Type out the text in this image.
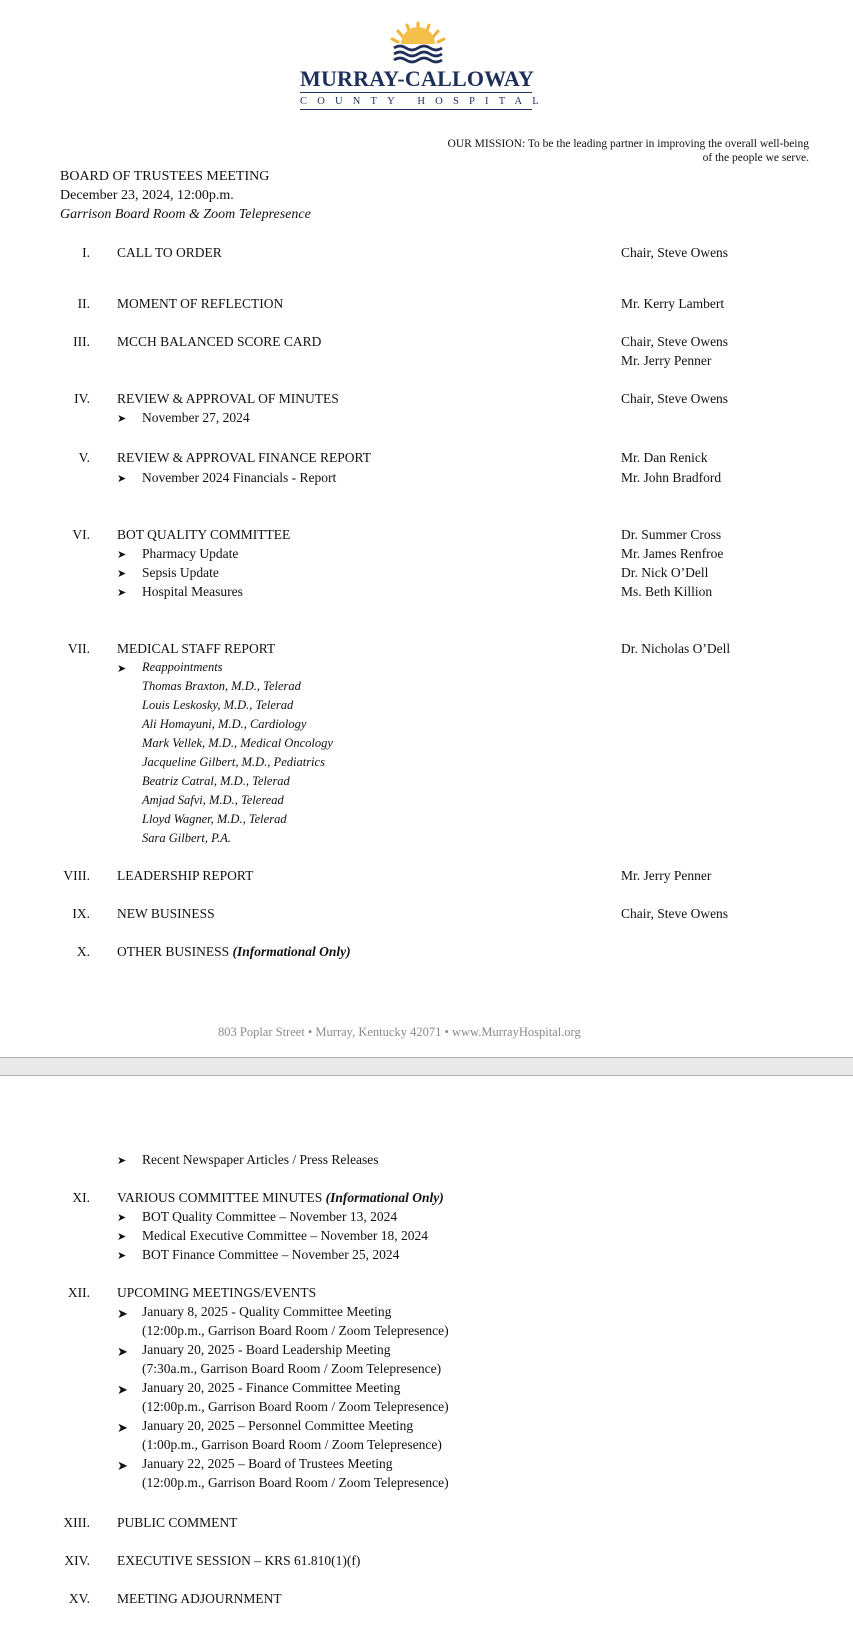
MURRAY-CALLOWAY
COUNTY HOSPITAL
OUR MISSION: To be the leading partner in improving the overall well-being
of the people we serve.
BOARD OF TRUSTEES MEETING
December 23, 2024, 12:00p.m.
Garrison Board Room & Zoom Telepresence
I. CALL TO ORDER	Chair, Steve Owens
II. MOMENT OF REFLECTION	Mr. Kerry Lambert
III. MCCH BALANCED SCORE CARD	Chair, Steve Owens
Mr. Jerry Penner
IV. REVIEW & APPROVAL OF MINUTES	Chair, Steve Owens
➤ November 27, 2024
V. REVIEW & APPROVAL FINANCE REPORT	Mr. Dan Renick
➤ November 2024 Financials - Report	Mr. John Bradford
VI. BOT QUALITY COMMITTEE	Dr. Summer Cross
➤ Pharmacy Update	Mr. James Renfroe
➤ Sepsis Update	Dr. Nick O’Dell
➤ Hospital Measures	Ms. Beth Killion
VII. MEDICAL STAFF REPORT	Dr. Nicholas O’Dell
➤ Reappointments
Thomas Braxton, M.D., Telerad
Louis Leskosky, M.D., Telerad
Ali Homayuni, M.D., Cardiology
Mark Vellek, M.D., Medical Oncology
Jacqueline Gilbert, M.D., Pediatrics
Beatriz Catral, M.D., Telerad
Amjad Safvi, M.D., Teleread
Lloyd Wagner, M.D., Telerad
Sara Gilbert, P.A.
VIII. LEADERSHIP REPORT	Mr. Jerry Penner
IX. NEW BUSINESS	Chair, Steve Owens
X. OTHER BUSINESS (Informational Only)
803 Poplar Street • Murray, Kentucky 42071 • www.MurrayHospital.org
➤ Recent Newspaper Articles / Press Releases
XI. VARIOUS COMMITTEE MINUTES (Informational Only)
➤ BOT Quality Committee – November 13, 2024
➤ Medical Executive Committee – November 18, 2024
➤ BOT Finance Committee – November 25, 2024
XII. UPCOMING MEETINGS/EVENTS
➤ January 8, 2025 - Quality Committee Meeting
(12:00p.m., Garrison Board Room / Zoom Telepresence)
➤ January 20, 2025 - Board Leadership Meeting
(7:30a.m., Garrison Board Room / Zoom Telepresence)
➤ January 20, 2025 - Finance Committee Meeting
(12:00p.m., Garrison Board Room / Zoom Telepresence)
➤ January 20, 2025 – Personnel Committee Meeting
(1:00p.m., Garrison Board Room / Zoom Telepresence)
➤ January 22, 2025 – Board of Trustees Meeting
(12:00p.m., Garrison Board Room / Zoom Telepresence)
XIII. PUBLIC COMMENT
XIV. EXECUTIVE SESSION – KRS 61.810(1)(f)
XV. MEETING ADJOURNMENT
